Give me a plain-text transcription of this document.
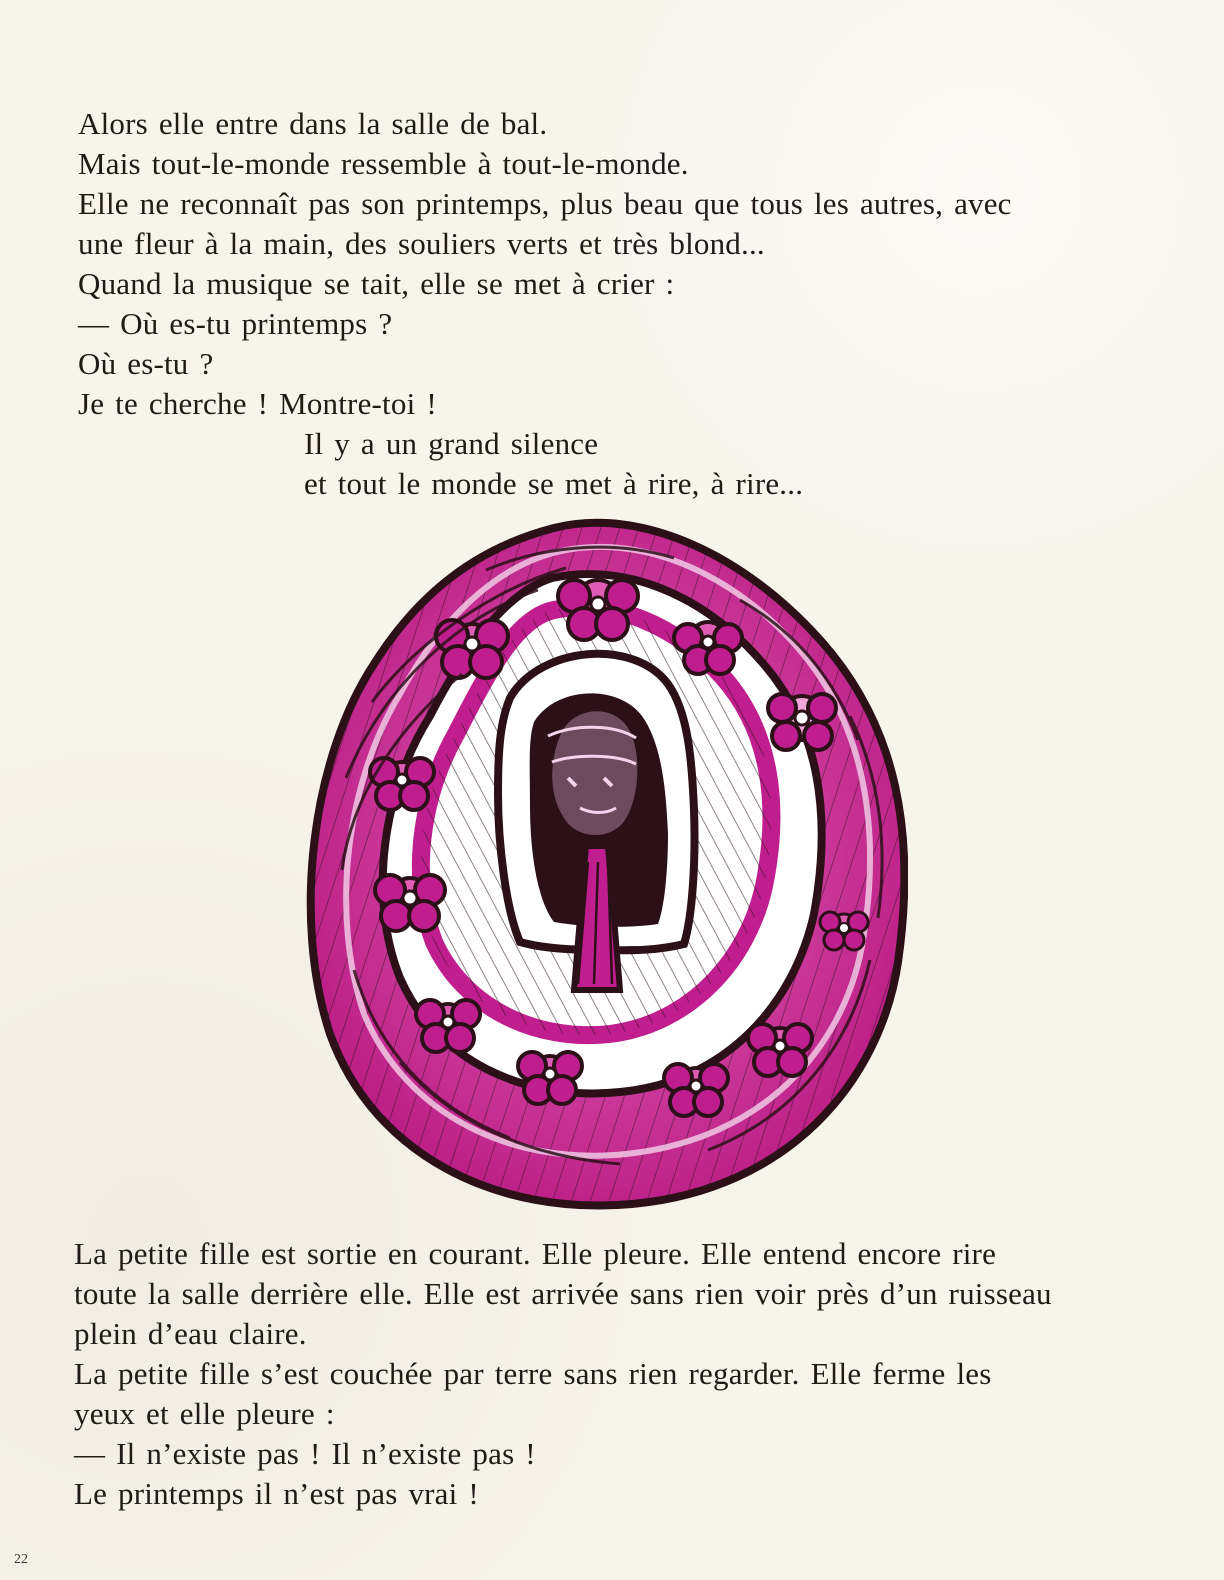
Alors elle entre dans la salle de bal.
Mais tout-le-monde ressemble à tout-le-monde.
Elle ne reconnaît pas son printemps, plus beau que tous les autres, avec
une fleur à la main, des souliers verts et très blond...
Quand la musique se tait, elle se met à crier :
— Où es-tu printemps ?
Où es-tu ?
Je te cherche ! Montre-toi !
Il y a un grand silence
et tout le monde se met à rire, à rire...
La petite fille est sortie en courant. Elle pleure. Elle entend encore rire
toute la salle derrière elle. Elle est arrivée sans rien voir près d’un ruisseau
plein d’eau claire.
La petite fille s’est couchée par terre sans rien regarder. Elle ferme les
yeux et elle pleure :
— Il n’existe pas ! Il n’existe pas !
Le printemps il n’est pas vrai !
22
